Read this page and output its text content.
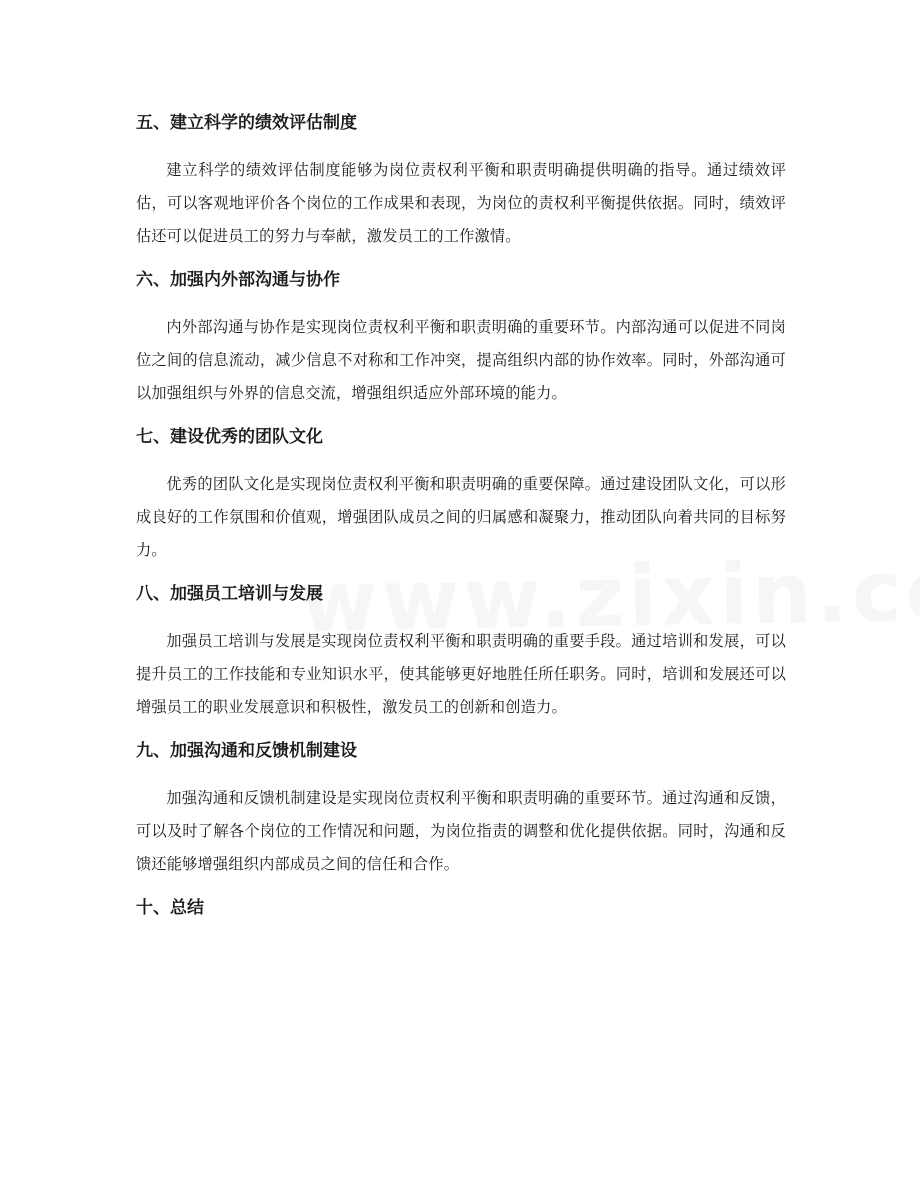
五、建立科学的绩效评估制度

建立科学的绩效评估制度能够为岗位责权利平衡和职责明确提供明确的指导。通过绩效评估，可以客观地评价各个岗位的工作成果和表现，为岗位的责权利平衡提供依据。同时，绩效评估还可以促进员工的努力与奉献，激发员工的工作激情。

六、加强内外部沟通与协作

内外部沟通与协作是实现岗位责权利平衡和职责明确的重要环节。内部沟通可以促进不同岗位之间的信息流动，减少信息不对称和工作冲突，提高组织内部的协作效率。同时，外部沟通可以加强组织与外界的信息交流，增强组织适应外部环境的能力。

七、建设优秀的团队文化

优秀的团队文化是实现岗位责权利平衡和职责明确的重要保障。通过建设团队文化，可以形成良好的工作氛围和价值观，增强团队成员之间的归属感和凝聚力，推动团队向着共同的目标努力。

八、加强员工培训与发展

加强员工培训与发展是实现岗位责权利平衡和职责明确的重要手段。通过培训和发展，可以提升员工的工作技能和专业知识水平，使其能够更好地胜任所任职务。同时，培训和发展还可以增强员工的职业发展意识和积极性，激发员工的创新和创造力。

九、加强沟通和反馈机制建设

加强沟通和反馈机制建设是实现岗位责权利平衡和职责明确的重要环节。通过沟通和反馈，可以及时了解各个岗位的工作情况和问题，为岗位指责的调整和优化提供依据。同时，沟通和反馈还能够增强组织内部成员之间的信任和合作。

十、总结
